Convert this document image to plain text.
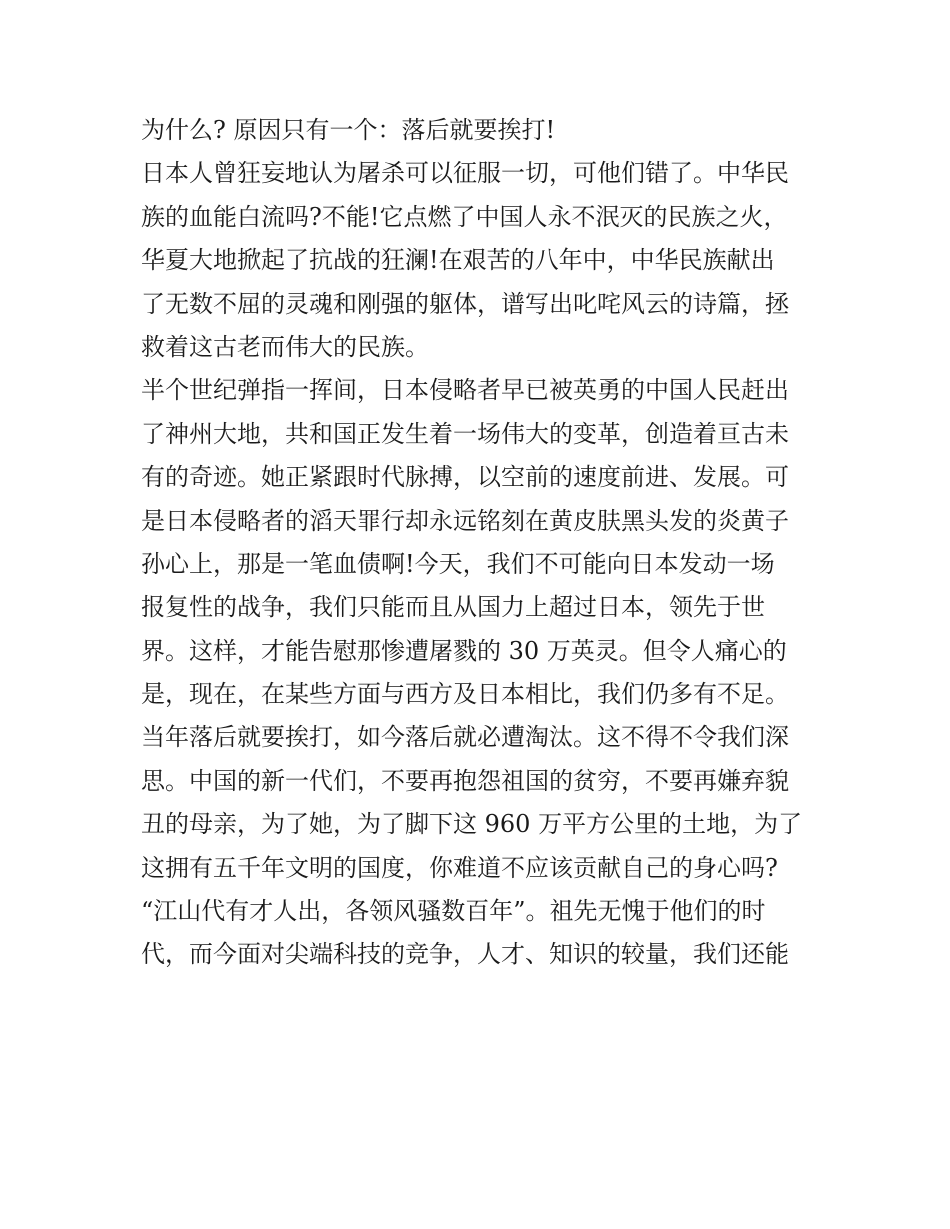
为什么? 原因只有一个：落后就要挨打!
日本人曾狂妄地认为屠杀可以征服一切，可他们错了。中华民
族的血能白流吗?不能!它点燃了中国人永不泯灭的民族之火，
华夏大地掀起了抗战的狂澜!在艰苦的八年中，中华民族献出
了无数不屈的灵魂和刚强的躯体，谱写出叱咤风云的诗篇，拯
救着这古老而伟大的民族。
半个世纪弹指一挥间，日本侵略者早已被英勇的中国人民赶出
了神州大地，共和国正发生着一场伟大的变革，创造着亘古未
有的奇迹。她正紧跟时代脉搏，以空前的速度前进、发展。可
是日本侵略者的滔天罪行却永远铭刻在黄皮肤黑头发的炎黄子
孙心上，那是一笔血债啊!今天，我们不可能向日本发动一场
报复性的战争，我们只能而且从国力上超过日本，领先于世
界。这样，才能告慰那惨遭屠戮的 30 万英灵。但令人痛心的
是，现在，在某些方面与西方及日本相比，我们仍多有不足。
当年落后就要挨打，如今落后就必遭淘汰。这不得不令我们深
思。中国的新一代们，不要再抱怨祖国的贫穷，不要再嫌弃貌
丑的母亲，为了她，为了脚下这 960 万平方公里的土地，为了
这拥有五千年文明的国度，你难道不应该贡献自己的身心吗?
“江山代有才人出，各领风骚数百年”。祖先无愧于他们的时
代，而今面对尖端科技的竞争，人才、知识的较量，我们还能
